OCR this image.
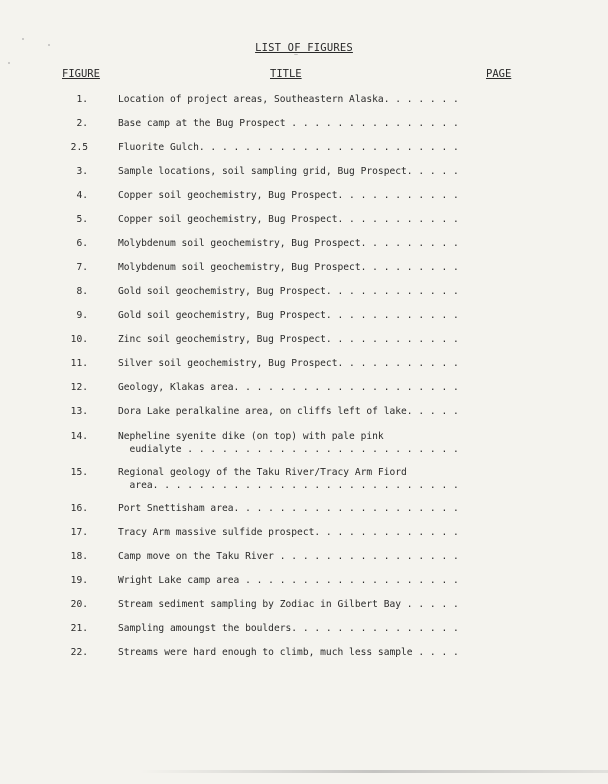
LIST OF FIGURES
FIGURE	TITLE	PAGE
1.	Location of project areas, Southeastern Alaska. . . . . . .
2.	Base camp at the Bug Prospect . . . . . . . . . . . . . . .
2.5	Fluorite Gulch. . . . . . . . . . . . . . . . . . . . . . .
3.	Sample locations, soil sampling grid, Bug Prospect. . . . .
4.	Copper soil geochemistry, Bug Prospect. . . . . . . . . . .
5.	Copper soil geochemistry, Bug Prospect. . . . . . . . . . .
6.	Molybdenum soil geochemistry, Bug Prospect. . . . . . . . .
7.	Molybdenum soil geochemistry, Bug Prospect. . . . . . . . .
8.	Gold soil geochemistry, Bug Prospect. . . . . . . . . . . .
9.	Gold soil geochemistry, Bug Prospect. . . . . . . . . . . .
10.	Zinc soil geochemistry, Bug Prospect. . . . . . . . . . . .
11.	Silver soil geochemistry, Bug Prospect. . . . . . . . . . .
12.	Geology, Klakas area. . . . . . . . . . . . . . . . . . . .
13.	Dora Lake peralkaline area, on cliffs left of lake. . . . .
14.	Nepheline syenite dike (on top) with pale pink
eudialyte . . . . . . . . . . . . . . . . . . . . . . . .
15.	Regional geology of the Taku River/Tracy Arm Fiord
area. . . . . . . . . . . . . . . . . . . . . . . . . . .
16.	Port Snettisham area. . . . . . . . . . . . . . . . . . . .
17.	Tracy Arm massive sulfide prospect. . . . . . . . . . . . .
18.	Camp move on the Taku River . . . . . . . . . . . . . . . .
19.	Wright Lake camp area . . . . . . . . . . . . . . . . . . .
20.	Stream sediment sampling by Zodiac in Gilbert Bay . . . . .
21.	Sampling amoungst the boulders. . . . . . . . . . . . . . .
22.	Streams were hard enough to climb, much less sample . . . .
